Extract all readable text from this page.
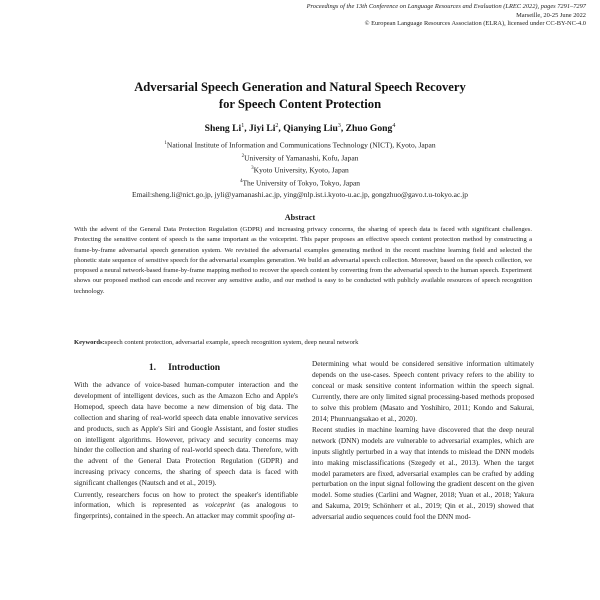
Proceedings of the 13th Conference on Language Resources and Evaluation (LREC 2022), pages 7291–7297
Marseille, 20-25 June 2022
© European Language Resources Association (ELRA), licensed under CC-BY-NC-4.0
Adversarial Speech Generation and Natural Speech Recovery
for Speech Content Protection
Sheng Li$^1$, Jiyi Li$^2$, Qianying Liu$^3$, Zhuo Gong$^4$
$^1$National Institute of Information and Communications Technology (NICT), Kyoto, Japan
$^2$University of Yamanashi, Kofu, Japan
$^3$Kyoto University, Kyoto, Japan
$^4$The University of Tokyo, Tokyo, Japan
Email:sheng.li@nict.go.jp, jyli@yamanashi.ac.jp, ying@nlp.ist.i.kyoto-u.ac.jp, gongzhuo@gavo.t.u-tokyo.ac.jp
Abstract
With the advent of the General Data Protection Regulation (GDPR) and increasing privacy concerns, the sharing of speech data is faced with significant challenges. Protecting the sensitive content of speech is the same important as the voiceprint. This paper proposes an effective speech content protection method by constructing a frame-by-frame adversarial speech generation system. We revisited the adversarial examples generating method in the recent machine learning field and selected the phonetic state sequence of sensitive speech for the adversarial examples generation. We build an adversarial speech collection. Moreover, based on the speech collection, we proposed a neural network-based frame-by-frame mapping method to recover the speech content by converting from the adversarial speech to the human speech. Experiment shows our proposed method can encode and recover any sensitive audio, and our method is easy to be conducted with publicly available resources of speech recognition technology.
Keywords:speech content protection, adversarial example, speech recognition system, deep neural network
1. Introduction

With the advance of voice-based human-computer interaction and the development of intelligent devices, such as the Amazon Echo and Apple's Homepod, speech data have become a new dimension of big data. The collection and sharing of real-world speech data enable innovative services and products, such as Apple's Siri and Google Assistant, and foster studies on intelligent algorithms. However, privacy and security concerns may hinder the collection and sharing of real-world speech data. Therefore, with the advent of the General Data Protection Regulation (GDPR) and increasing privacy concerns, the sharing of speech data is faced with significant challenges (Nautsch and et al., 2019).

Currently, researchers focus on how to protect the speaker's identifiable information, which is represented as voiceprint (as analogous to fingerprints), contained in the speech. An attacker may commit spoofing at-

Determining what would be considered sensitive information ultimately depends on the use-cases. Speech content privacy refers to the ability to conceal or mask sensitive content information within the speech signal. Currently, there are only limited signal processing-based methods proposed to solve this problem (Masato and Yoshihiro, 2011; Kondo and Sakurai, 2014; Phunruangsakao et al., 2020).

Recent studies in machine learning have discovered that the deep neural network (DNN) models are vulnerable to adversarial examples, which are inputs slightly perturbed in a way that intends to mislead the DNN models into making misclassifications (Szegedy et al., 2013). When the target model parameters are fixed, adversarial examples can be crafted by adding perturbation on the input signal following the gradient descent on the given model. Some studies (Carlini and Wagner, 2018; Yuan et al., 2018; Yakura and Sakuma, 2019; Schönherr et al., 2019; Qin et al., 2019) showed that adversarial audio sequences could fool the DNN mod-
